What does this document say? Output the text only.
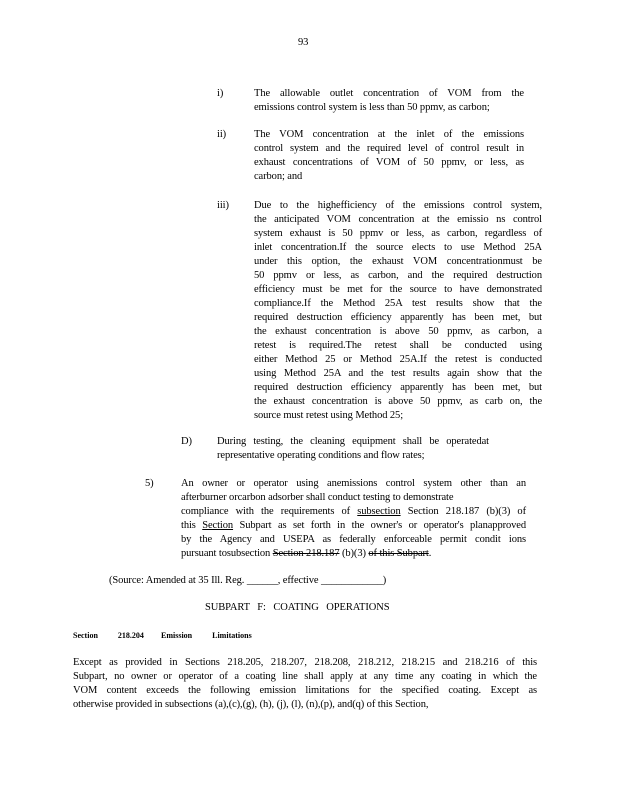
93
i)	The allowable outlet concentration of VOM from the
emissions control system is less than 50 ppmv, as carbon;
ii)	The VOM concentration at the inlet of the emissions
control system and the required level of control result in
exhaust concentrations of VOM of 50 ppmv, or less, as
carbon; and
iii) Due to the highefficiency of the emissions control system,
the anticipated VOM concentration at the emissio ns control
system exhaust is 50 ppmv or less, as carbon, regardless of
inlet concentration.If the source elects to use Method 25A
under this option, the exhaust VOM concentrationmust be
50 ppmv or less, as carbon, and the required destruction
efficiency must be met for the source to have demonstrated
compliance.If the Method 25A test results show that the
required destruction efficiency apparently has been met, but
the exhaust concentration is above 50 ppmv, as carbon, a
retest is required.The retest shall be conducted using
either Method 25 or Method 25A.If the retest is conducted
using Method 25A and the test results again show that the
required destruction efficiency apparently has been met, but
the exhaust concentration is above 50 ppmv, as carb on, the
source must retest using Method 25;
D) During testing, the cleaning equipment shall be operatedat
representative operating conditions and flow rates;
5)	An owner or operator using anemissions control system other than an
afterburner orcarbon adsorber shall conduct testing to demonstrate
compliance with the requirements of subsection Section 218.187 (b)(3) of
this Section Subpart as set forth in the owner's or operator's planapproved
by the Agency and USEPA as federally enforceable permit condit ions
pursuant tosubsection Section 218.187 (b)(3) of this Subpart.
(Source: Amended at 35 Ill. Reg. ______, effective ____________)
SUBPART F: COATING OPERATIONS
Section 218.204 Emission Limitations
Except as provided in Sections 218.205, 218.207, 218.208, 218.212, 218.215 and 218.216 of this
Subpart, no owner or operator of a coating line shall apply at any time any coating in which the
VOM content exceeds the following emission limitations for the specified coating. Except as
otherwise provided in subsections (a),(c),(g), (h), (j), (l), (n),(p), and(q) of this Section,
